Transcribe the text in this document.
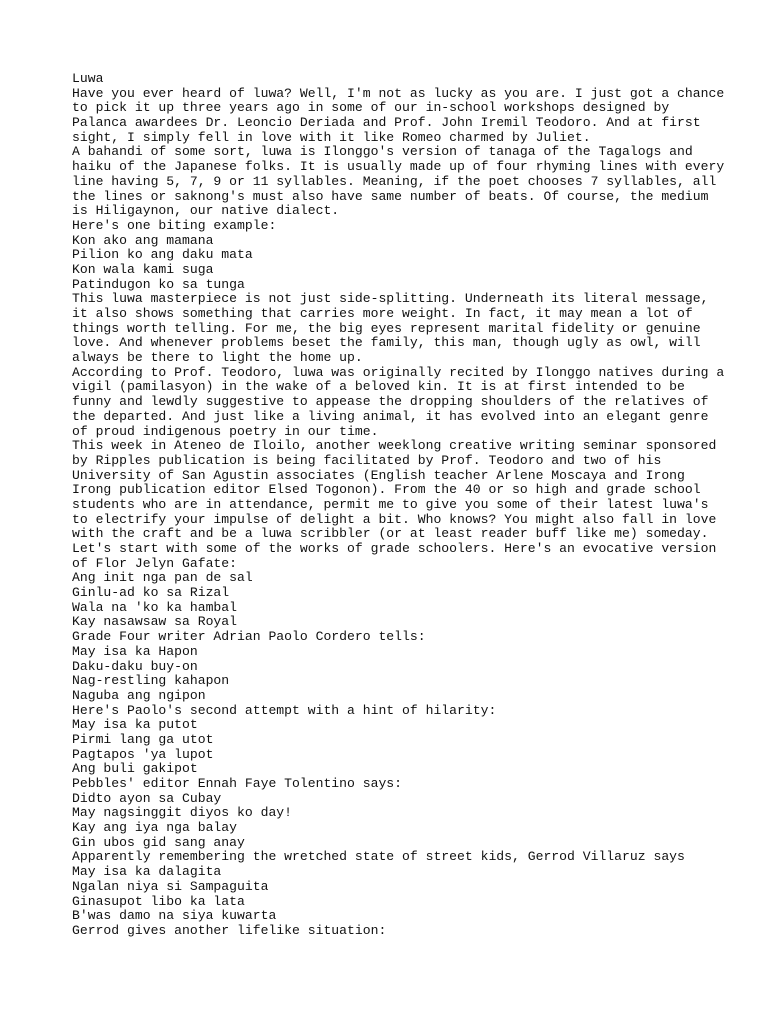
Luwa
Have you ever heard of luwa? Well, I'm not as lucky as you are. I just got a chance
to pick it up three years ago in some of our in-school workshops designed by
Palanca awardees Dr. Leoncio Deriada and Prof. John Iremil Teodoro. And at first
sight, I simply fell in love with it like Romeo charmed by Juliet.
A bahandi of some sort, luwa is Ilonggo's version of tanaga of the Tagalogs and
haiku of the Japanese folks. It is usually made up of four rhyming lines with every
line having 5, 7, 9 or 11 syllables. Meaning, if the poet chooses 7 syllables, all
the lines or saknong's must also have same number of beats. Of course, the medium
is Hiligaynon, our native dialect.
Here's one biting example:
Kon ako ang mamana
Pilion ko ang daku mata
Kon wala kami suga
Patindugon ko sa tunga
This luwa masterpiece is not just side-splitting. Underneath its literal message,
it also shows something that carries more weight. In fact, it may mean a lot of
things worth telling. For me, the big eyes represent marital fidelity or genuine
love. And whenever problems beset the family, this man, though ugly as owl, will
always be there to light the home up.
According to Prof. Teodoro, luwa was originally recited by Ilonggo natives during a
vigil (pamilasyon) in the wake of a beloved kin. It is at first intended to be
funny and lewdly suggestive to appease the dropping shoulders of the relatives of
the departed. And just like a living animal, it has evolved into an elegant genre
of proud indigenous poetry in our time.
This week in Ateneo de Iloilo, another weeklong creative writing seminar sponsored
by Ripples publication is being facilitated by Prof. Teodoro and two of his
University of San Agustin associates (English teacher Arlene Moscaya and Irong
Irong publication editor Elsed Togonon). From the 40 or so high and grade school
students who are in attendance, permit me to give you some of their latest luwa's
to electrify your impulse of delight a bit. Who knows? You might also fall in love
with the craft and be a luwa scribbler (or at least reader buff like me) someday.
Let's start with some of the works of grade schoolers. Here's an evocative version
of Flor Jelyn Gafate:
Ang init nga pan de sal
Ginlu-ad ko sa Rizal
Wala na 'ko ka hambal
Kay nasawsaw sa Royal
Grade Four writer Adrian Paolo Cordero tells:
May isa ka Hapon
Daku-daku buy-on
Nag-restling kahapon
Naguba ang ngipon
Here's Paolo's second attempt with a hint of hilarity:
May isa ka putot
Pirmi lang ga utot
Pagtapos 'ya lupot
Ang buli gakipot
Pebbles' editor Ennah Faye Tolentino says:
Didto ayon sa Cubay
May nagsinggit diyos ko day!
Kay ang iya nga balay
Gin ubos gid sang anay
Apparently remembering the wretched state of street kids, Gerrod Villaruz says
May isa ka dalagita
Ngalan niya si Sampaguita
Ginasupot libo ka lata
B'was damo na siya kuwarta
Gerrod gives another lifelike situation:
